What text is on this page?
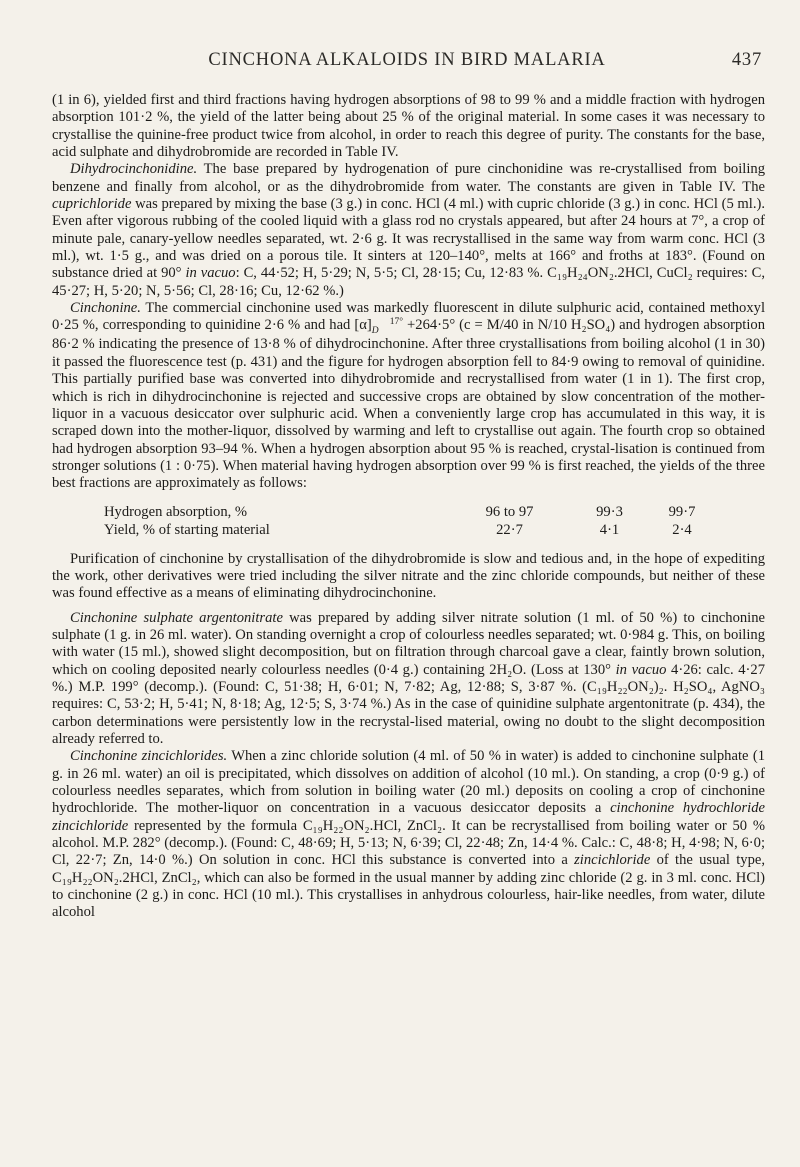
CINCHONA ALKALOIDS IN BIRD MALARIA	437

(1 in 6), yielded first and third fractions having hydrogen absorptions of 98 to 99 % and a middle fraction with hydrogen absorption 101·2 %, the yield of the latter being about 25 % of the original material. In some cases it was necessary to crystallise the quinine-free product twice from alcohol, in order to reach this degree of purity. The constants for the base, acid sulphate and dihydrobromide are recorded in Table IV.

Dihydrocinchonidine. The base prepared by hydrogenation of pure cinchonidine was re-crystallised from boiling benzene and finally from alcohol, or as the dihydrobromide from water. The constants are given in Table IV. The cuprichloride was prepared by mixing the base (3 g.) in conc. HCl (4 ml.) with cupric chloride (3 g.) in conc. HCl (5 ml.). Even after vigorous rubbing of the cooled liquid with a glass rod no crystals appeared, but after 24 hours at 7°, a crop of minute pale, canary-yellow needles separated, wt. 2·6 g. It was recrystallised in the same way from warm conc. HCl (3 ml.), wt. 1·5 g., and was dried on a porous tile. It sinters at 120–140°, melts at 166° and froths at 183°. (Found on substance dried at 90° in vacuo: C, 44·52; H, 5·29; N, 5·5; Cl, 28·15; Cu, 12·83 %. C₁₉H₂₄ON₂.2HCl, CuCl₂ requires: C, 45·27; H, 5·20; N, 5·56; Cl, 28·16; Cu, 12·62 %.)

Cinchonine. The commercial cinchonine used was markedly fluorescent in dilute sulphuric acid, contained methoxyl 0·25 %, corresponding to quinidine 2·6 % and had [α] 17°
D +264·5° (c = M/40 in N/10 H₂SO₄) and hydrogen absorption 86·2 % indicating the presence of 13·8 % of dihydrocinchonine. After three crystallisations from boiling alcohol (1 in 30) it passed the fluorescence test (p. 431) and the figure for hydrogen absorption fell to 84·9 owing to removal of quinidine. This partially purified base was converted into dihydrobromide and recrystallised from water (1 in 1). The first crop, which is rich in dihydrocinchonine is rejected and successive crops are obtained by slow concentration of the mother-liquor in a vacuous desiccator over sulphuric acid. When a conveniently large crop has accumulated in this way, it is scraped down into the mother-liquor, dissolved by warming and left to crystallise out again. The fourth crop so obtained had hydrogen absorption 93–94 %. When a hydrogen absorption about 95 % is reached, crystal-lisation is continued from stronger solutions (1 : 0·75). When material having hydrogen absorption over 99 % is first reached, the yields of the three best fractions are approximately as follows:

Hydrogen absorption, %	96 to 97	99·3	99·7
Yield, % of starting material	22·7	4·1	2·4

Purification of cinchonine by crystallisation of the dihydrobromide is slow and tedious and, in the hope of expediting the work, other derivatives were tried including the silver nitrate and the zinc chloride compounds, but neither of these was found effective as a means of eliminating dihydrocinchonine.

Cinchonine sulphate argentonitrate was prepared by adding silver nitrate solution (1 ml. of 50 %) to cinchonine sulphate (1 g. in 26 ml. water). On standing overnight a crop of colourless needles separated; wt. 0·984 g. This, on boiling with water (15 ml.), showed slight decomposition, but on filtration through charcoal gave a clear, faintly brown solution, which on cooling deposited nearly colourless needles (0·4 g.) containing 2H₂O. (Loss at 130° in vacuo 4·26: calc. 4·27 %.) M.P. 199° (decomp.). (Found: C, 51·38; H, 6·01; N, 7·82; Ag, 12·88; S, 3·87 %. (C₁₉H₂₂ON₂)₂. H₂SO₄, AgNO₃ requires: C, 53·2; H, 5·41; N, 8·18; Ag, 12·5; S, 3·74 %.) As in the case of quinidine sulphate argentonitrate (p. 434), the carbon determinations were persistently low in the recrystal-lised material, owing no doubt to the slight decomposition already referred to.

Cinchonine zincichlorides. When a zinc chloride solution (4 ml. of 50 % in water) is added to cinchonine sulphate (1 g. in 26 ml. water) an oil is precipitated, which dissolves on addition of alcohol (10 ml.). On standing, a crop (0·9 g.) of colourless needles separates, which from solution in boiling water (20 ml.) deposits on cooling a crop of cinchonine hydrochloride. The mother-liquor on concentration in a vacuous desiccator deposits a cinchonine hydrochloride zincichloride represented by the formula C₁₉H₂₂ON₂.HCl, ZnCl₂. It can be recrystallised from boiling water or 50 % alcohol. M.P. 282° (decomp.). (Found: C, 48·69; H, 5·13; N, 6·39; Cl, 22·48; Zn, 14·4 %. Calc.: C, 48·8; H, 4·98; N, 6·0; Cl, 22·7; Zn, 14·0 %.) On solution in conc. HCl this substance is converted into a zincichloride of the usual type, C₁₉H₂₂ON₂.2HCl, ZnCl₂, which can also be formed in the usual manner by adding zinc chloride (2 g. in 3 ml. conc. HCl) to cinchonine (2 g.) in conc. HCl (10 ml.). This crystallises in anhydrous colourless, hair-like needles, from water, dilute alcohol
